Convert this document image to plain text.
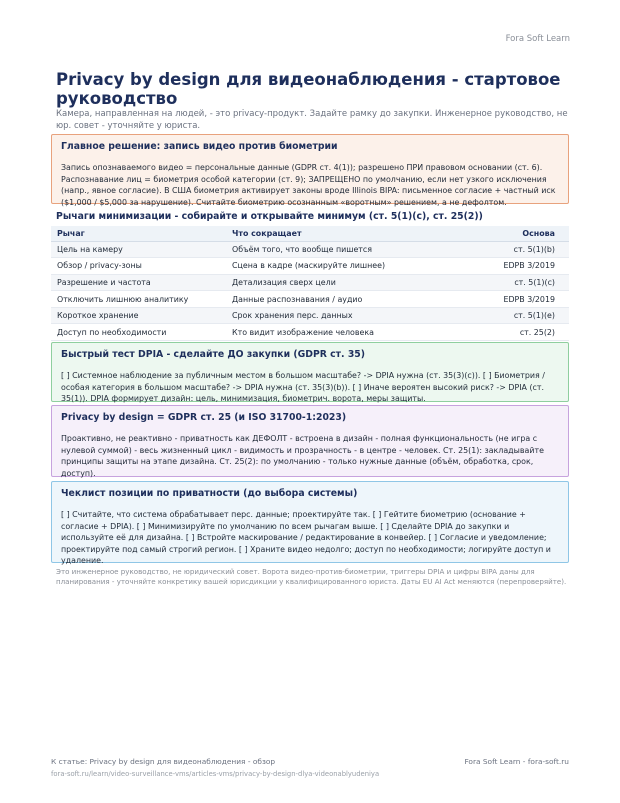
Fora Soft Learn
Privacy by design для видеонаблюдения - стартовое руководство

Камера, направленная на людей, - это privacy-продукт. Задайте рамку до закупки. Инженерное руководство, не юр. совет - уточняйте у юриста.

Главное решение: запись видео против биометрии

Запись опознаваемого видео = персональные данные (GDPR ст. 4(1)); разрешено ПРИ правовом основании (ст. 6). Распознавание лиц = биометрия особой категории (ст. 9); ЗАПРЕЩЕНО по умолчанию, если нет узкого исключения (напр., явное согласие). В США биометрия активирует законы вроде Illinois BIPA: письменное согласие + частный иск ($1,000 / $5,000 за нарушение). Считайте биометрию осознанным «воротным» решением, а не дефолтом.

Рычаги минимизации - собирайте и открывайте минимум (ст. 5(1)(c), ст. 25(2))
Рычаг	Что сокращает	Основа
Цель на камеру	Объём того, что вообще пишется	ст. 5(1)(b)
Обзор / privacy-зоны	Сцена в кадре (маскируйте лишнее)	EDPB 3/2019
Разрешение и частота	Детализация сверх цели	ст. 5(1)(c)
Отключить лишнюю аналитику	Данные распознавания / аудио	EDPB 3/2019
Короткое хранение	Срок хранения перс. данных	ст. 5(1)(e)
Доступ по необходимости	Кто видит изображение человека	ст. 25(2)
Быстрый тест DPIA - сделайте ДО закупки (GDPR ст. 35)

[ ] Системное наблюдение за публичным местом в большом масштабе? -> DPIA нужна (ст. 35(3)(c)). [ ] Биометрия / особая категория в большом масштабе? -> DPIA нужна (ст. 35(3)(b)). [ ] Иначе вероятен высокий риск? -> DPIA (ст. 35(1)). DPIA формирует дизайн: цель, минимизация, биометрич. ворота, меры защиты.

Privacy by design = GDPR ст. 25 (и ISO 31700-1:2023)

Проактивно, не реактивно - приватность как ДЕФОЛТ - встроена в дизайн - полная функциональность (не игра с нулевой суммой) - весь жизненный цикл - видимость и прозрачность - в центре - человек. Ст. 25(1): закладывайте принципы защиты на этапе дизайна. Ст. 25(2): по умолчанию - только нужные данные (объём, обработка, срок, доступ).

Чеклист позиции по приватности (до выбора системы)

[ ] Считайте, что система обрабатывает перс. данные; проектируйте так. [ ] Гейтите биометрию (основание + согласие + DPIA). [ ] Минимизируйте по умолчанию по всем рычагам выше. [ ] Сделайте DPIA до закупки и используйте её для дизайна. [ ] Встройте маскирование / редактирование в конвейер. [ ] Согласие и уведомление; проектируйте под самый строгий регион. [ ] Храните видео недолго; доступ по необходимости; логируйте доступ и удаление.

Это инженерное руководство, не юридический совет. Ворота видео-против-биометрии, триггеры DPIA и цифры BIPA даны для планирования - уточняйте конкретику вашей юрисдикции у квалифицированного юриста. Даты EU AI Act меняются (перепроверяйте).

К статье: Privacy by design для видеонаблюдения - обзор
fora-soft.ru/learn/video-surveillance-vms/articles-vms/privacy-by-design-dlya-videonablyudeniya
Fora Soft Learn - fora-soft.ru
